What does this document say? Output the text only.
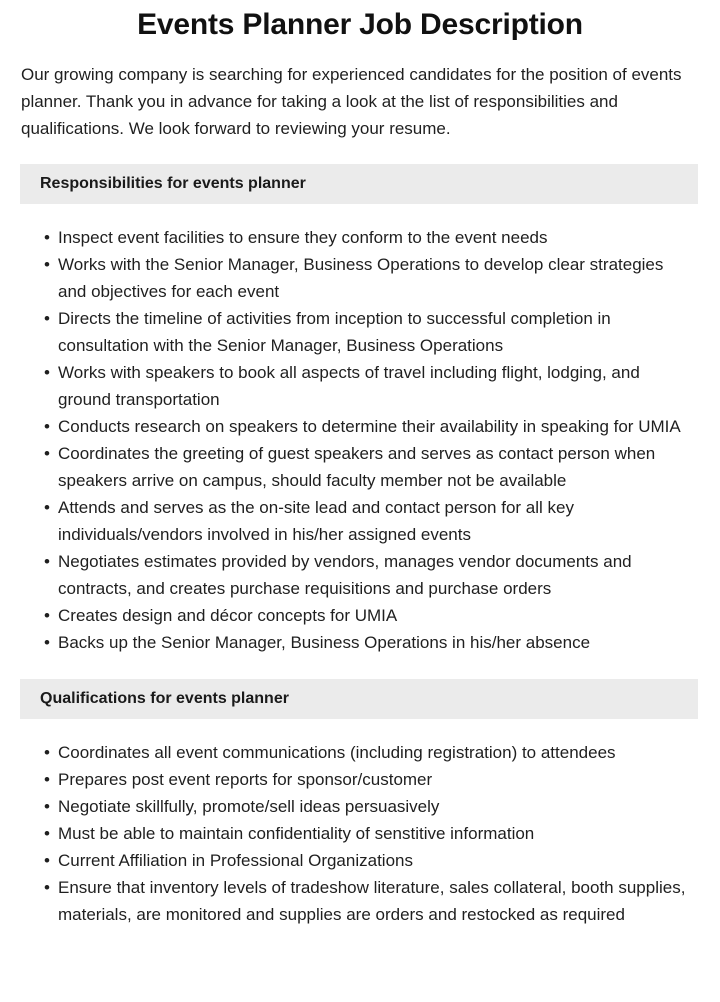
Events Planner Job Description

Our growing company is searching for experienced candidates for the position of events planner. Thank you in advance for taking a look at the list of responsibilities and qualifications. We look forward to reviewing your resume.

Responsibilities for events planner
•
Inspect event facilities to ensure they conform to the event needs
•
Works with the Senior Manager, Business Operations to develop clear strategies and objectives for each event
•
Directs the timeline of activities from inception to successful completion in consultation with the Senior Manager, Business Operations
•
Works with speakers to book all aspects of travel including flight, lodging, and ground transportation
•
Conducts research on speakers to determine their availability in speaking for UMIA
•
Coordinates the greeting of guest speakers and serves as contact person when speakers arrive on campus, should faculty member not be available
•
Attends and serves as the on-site lead and contact person for all key individuals/vendors involved in his/her assigned events
•
Negotiates estimates provided by vendors, manages vendor documents and contracts, and creates purchase requisitions and purchase orders
•
Creates design and décor concepts for UMIA
•
Backs up the Senior Manager, Business Operations in his/her absence
Qualifications for events planner
•
Coordinates all event communications (including registration) to attendees
•
Prepares post event reports for sponsor/customer
•
Negotiate skillfully, promote/sell ideas persuasively
•
Must be able to maintain confidentiality of senstitive information
•
Current Affiliation in Professional Organizations
•
Ensure that inventory levels of tradeshow literature, sales collateral, booth supplies, materials, are monitored and supplies are orders and restocked as required
